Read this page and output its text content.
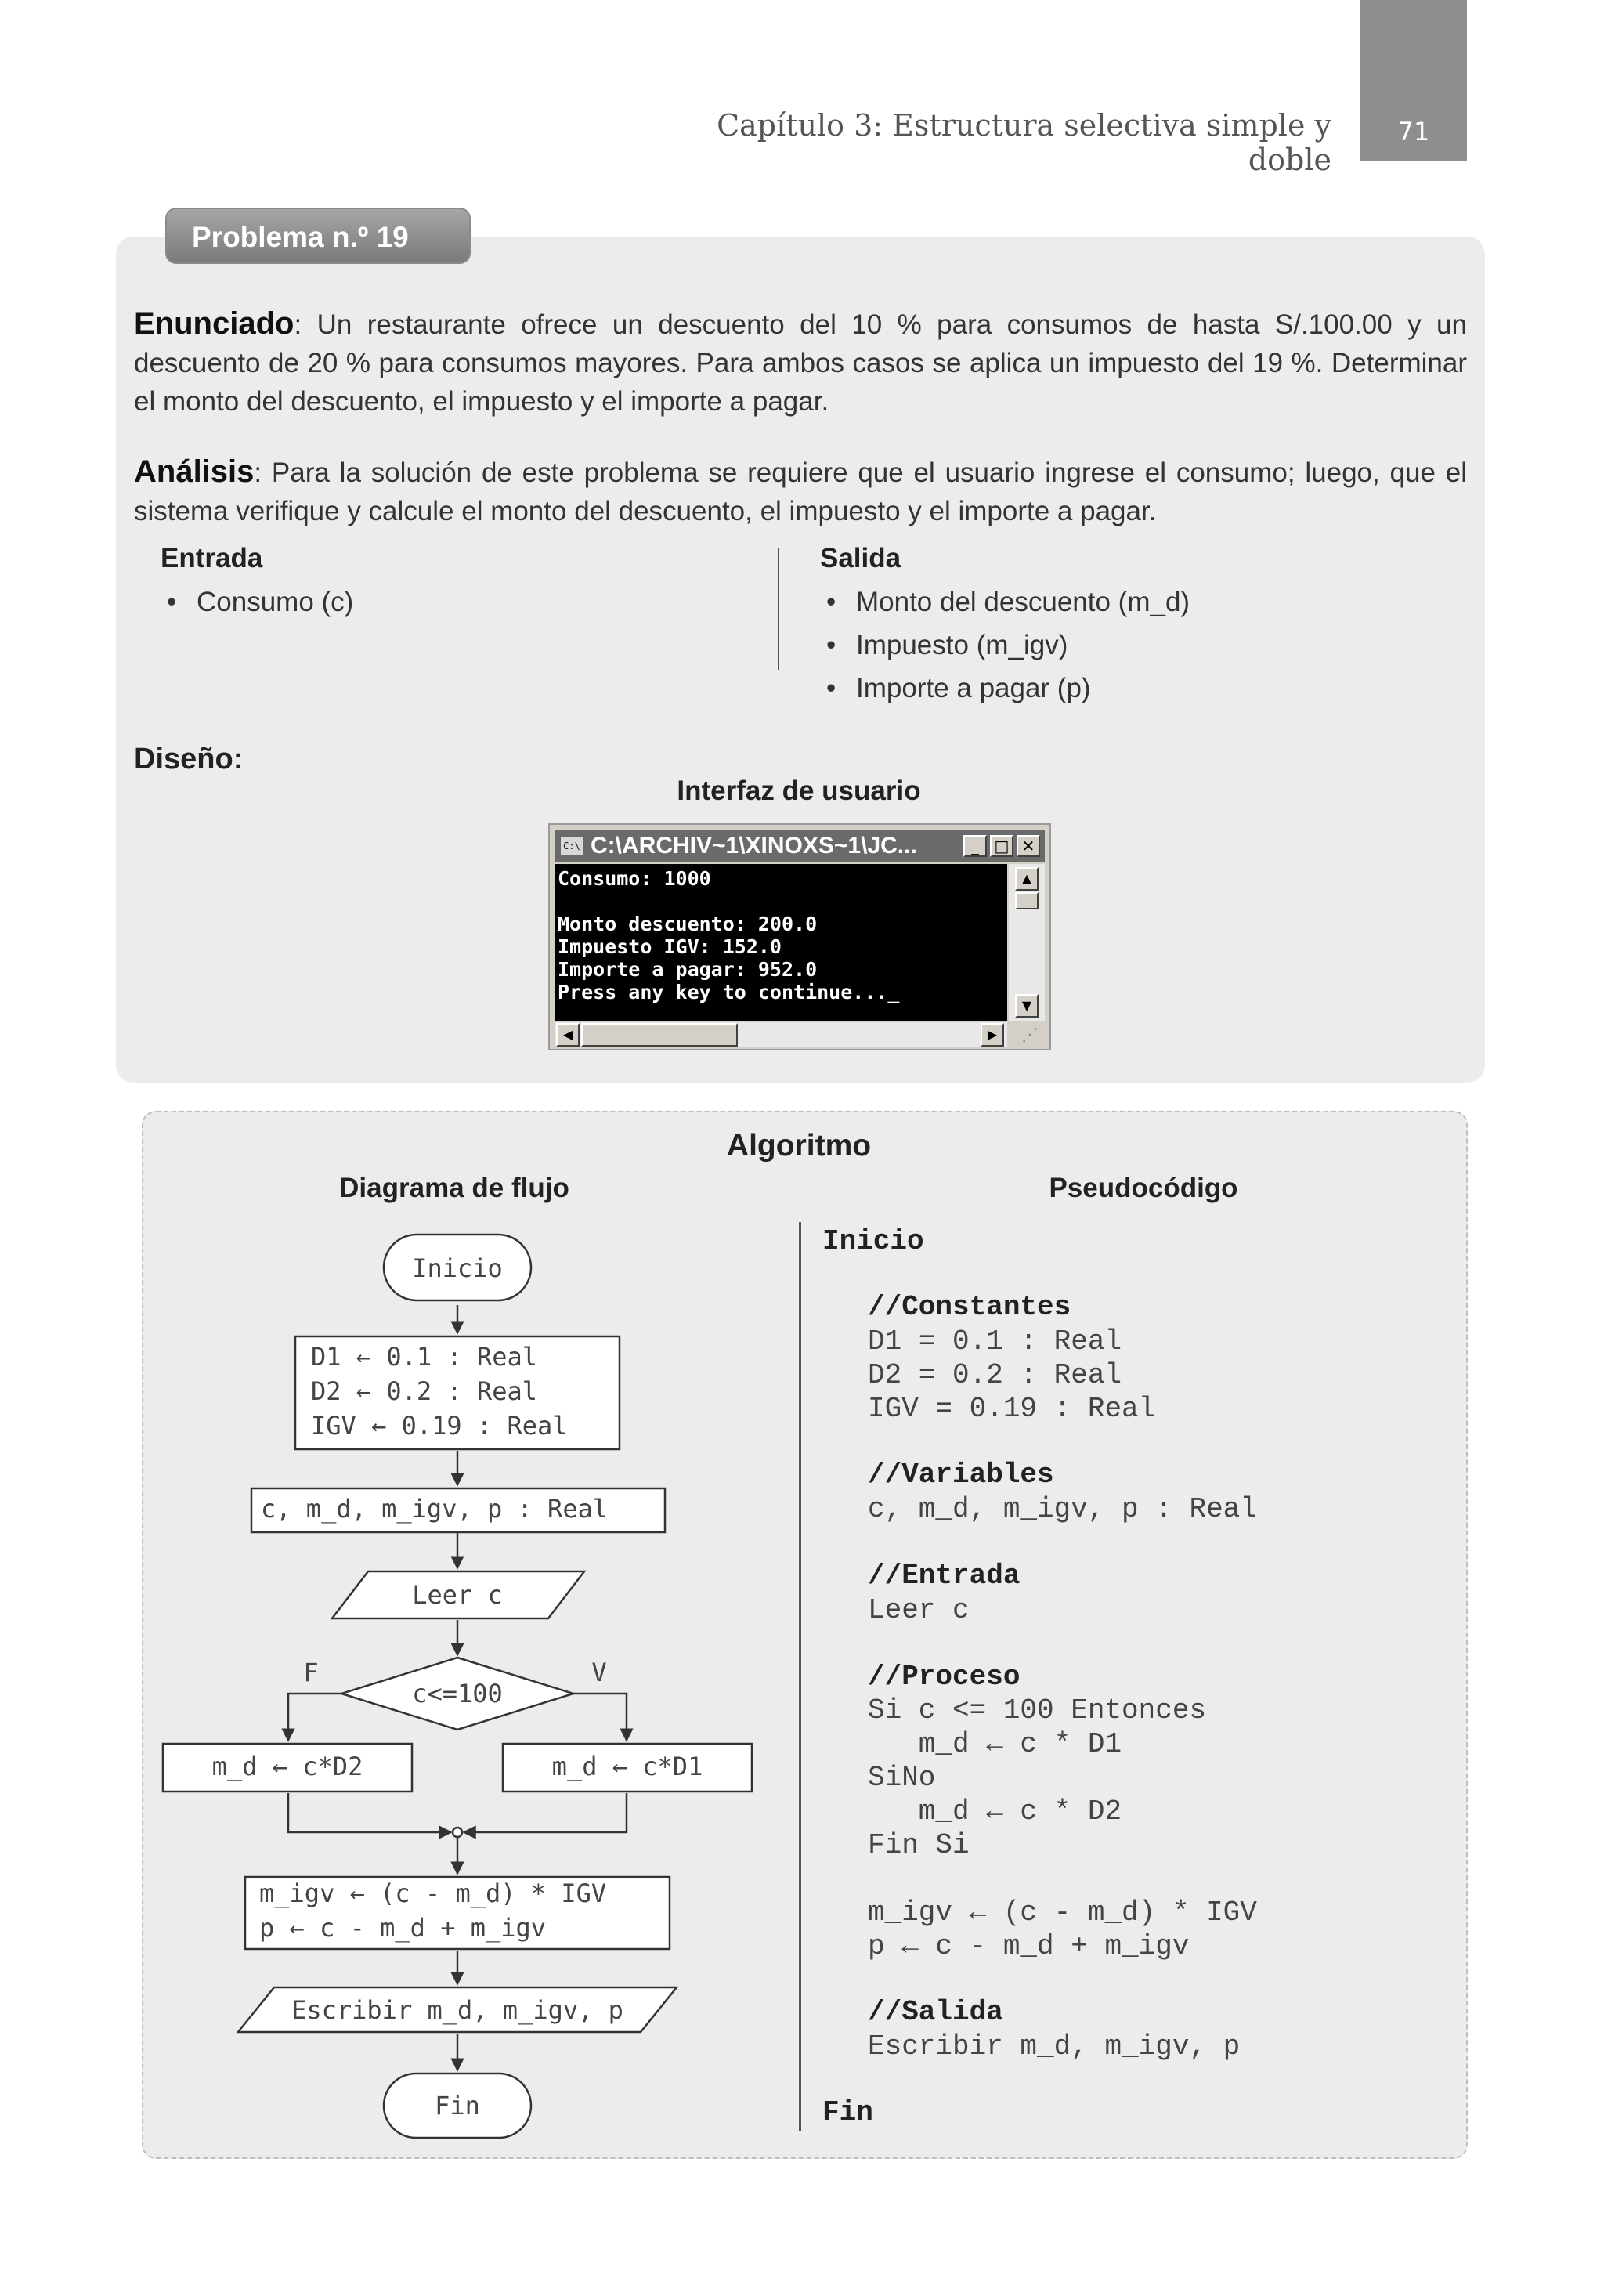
Capítulo 3: Estructura selectiva simple y doble
71
Problema n.º 19
Enunciado: Un restaurante ofrece un descuento del 10 % para consumos de hasta S/.100.00 y un descuento de 20 % para consumos mayores. Para ambos casos se aplica un impuesto del 19 %. Determinar el monto del descuento, el impuesto y el importe a pagar.
Análisis: Para la solución de este problema se requiere que el usuario ingrese el consumo; luego, que el sistema verifique y calcule el monto del descuento, el impuesto y el importe a pagar.
Entrada
• Consumo (c)
Salida
• Monto del descuento (m_d)
• Impuesto (m_igv)
• Importe a pagar (p)
Diseño:
Interfaz de usuario
C:\ C:\ARCHIV~1\XINOXS~1\JC...	_ □ ✕
Consumo: 1000
Monto descuento: 200.0
Impuesto IGV: 152.0
Importe a pagar: 952.0
Press any key to continue..._
▲
▼
◀	▶	⋰
Algoritmo
Diagrama de flujo	Pseudocódigo
Inicio
D1 ← 0.1 : Real
D2 ← 0.2 : Real
IGV ← 0.19 : Real
c, m_d, m_igv, p : Real
Leer c
c<=100
F	V
m_d ← c*D2	m_d ← c*D1
m_igv ← (c - m_d) * IGV
p ← c - m_d + m_igv
Escribir m_d, m_igv, p
Fin
Inicio
//Constantes
D1 = 0.1 : Real
D2 = 0.2 : Real
IGV = 0.19 : Real
//Variables
c, m_d, m_igv, p : Real
//Entrada
Leer c
//Proceso
Si c <= 100 Entonces
m_d ← c * D1
SiNo
m_d ← c * D2
Fin Si
m_igv ← (c - m_d) * IGV
p ← c - m_d + m_igv
//Salida
Escribir m_d, m_igv, p
Fin
